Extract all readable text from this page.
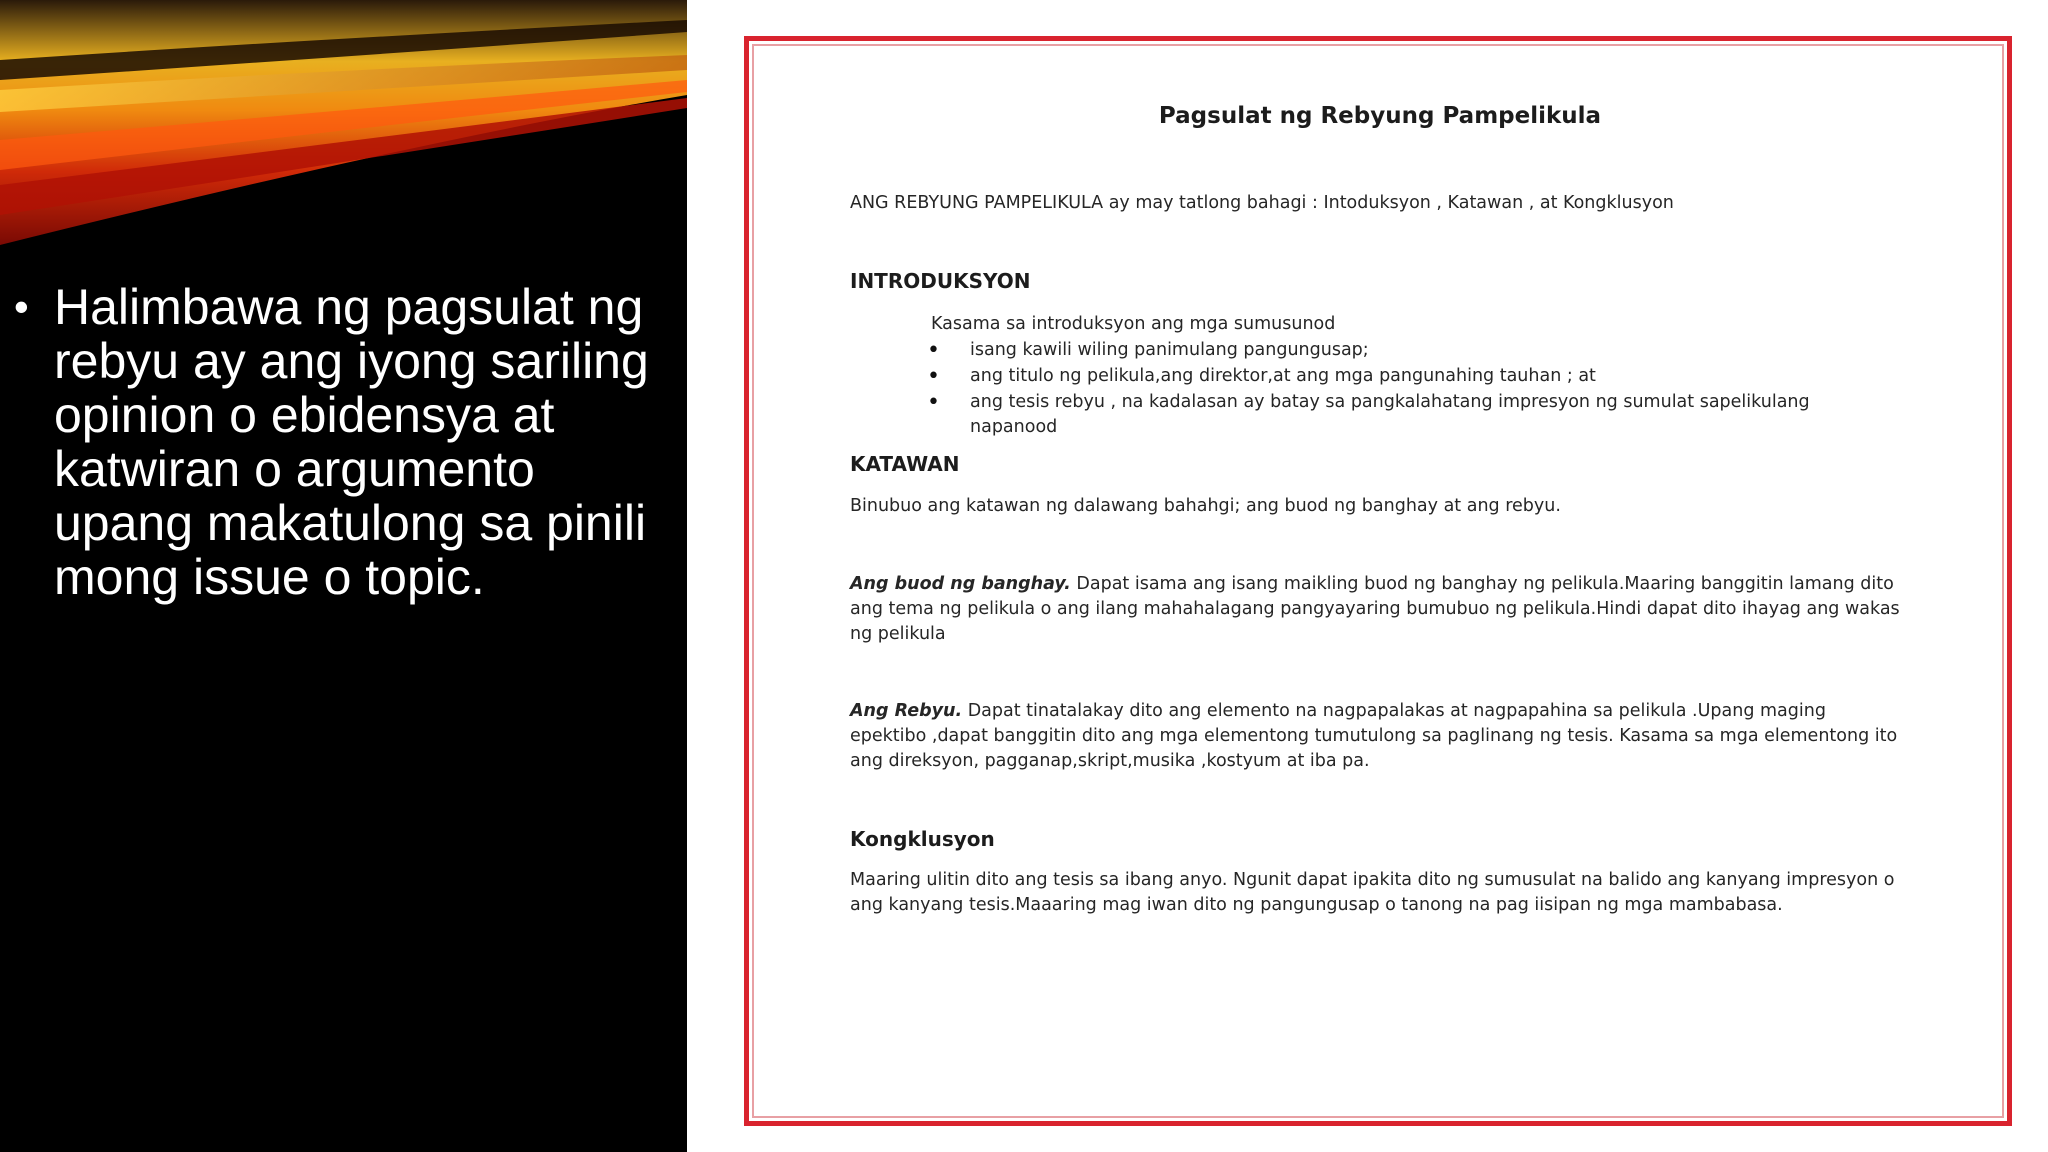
• Halimbawa ng pagsulat ng rebyu ay ang iyong sariling opinion o ebidensya at katwiran o argumento upang makatulong sa pinili mong issue o topic.
Pagsulat ng Rebyung Pampelikula
ANG REBYUNG PAMPELIKULA ay may tatlong bahagi : Intoduksyon , Katawan , at Kongklusyon
INTRODUKSYON
Kasama sa introduksyon ang mga sumusunod
• isang kawili wiling panimulang pangungusap;
• ang titulo ng pelikula,ang direktor,at ang mga pangunahing tauhan ; at
• ang tesis rebyu , na kadalasan ay batay sa pangkalahatang impresyon ng sumulat sapelikulang napanood
KATAWAN
Binubuo ang katawan ng dalawang bahahgi; ang buod ng banghay at ang rebyu.
Ang buod ng banghay. Dapat isama ang isang maikling buod ng banghay ng pelikula.Maaring banggitin lamang dito ang tema ng pelikula o ang ilang mahahalagang pangyayaring bumubuo ng pelikula.Hindi dapat dito ihayag ang wakas ng pelikula
Ang Rebyu. Dapat tinatalakay dito ang elemento na nagpapalakas at nagpapahina sa pelikula .Upang maging epektibo ,dapat banggitin dito ang mga elementong tumutulong sa paglinang ng tesis. Kasama sa mga elementong ito ang direksyon, pagganap,skript,musika ,kostyum at iba pa.
Kongklusyon
Maaring ulitin dito ang tesis sa ibang anyo. Ngunit dapat ipakita dito ng sumusulat na balido ang kanyang impresyon o ang kanyang tesis.Maaaring mag iwan dito ng pangungusap o tanong na pag iisipan ng mga mambabasa.
